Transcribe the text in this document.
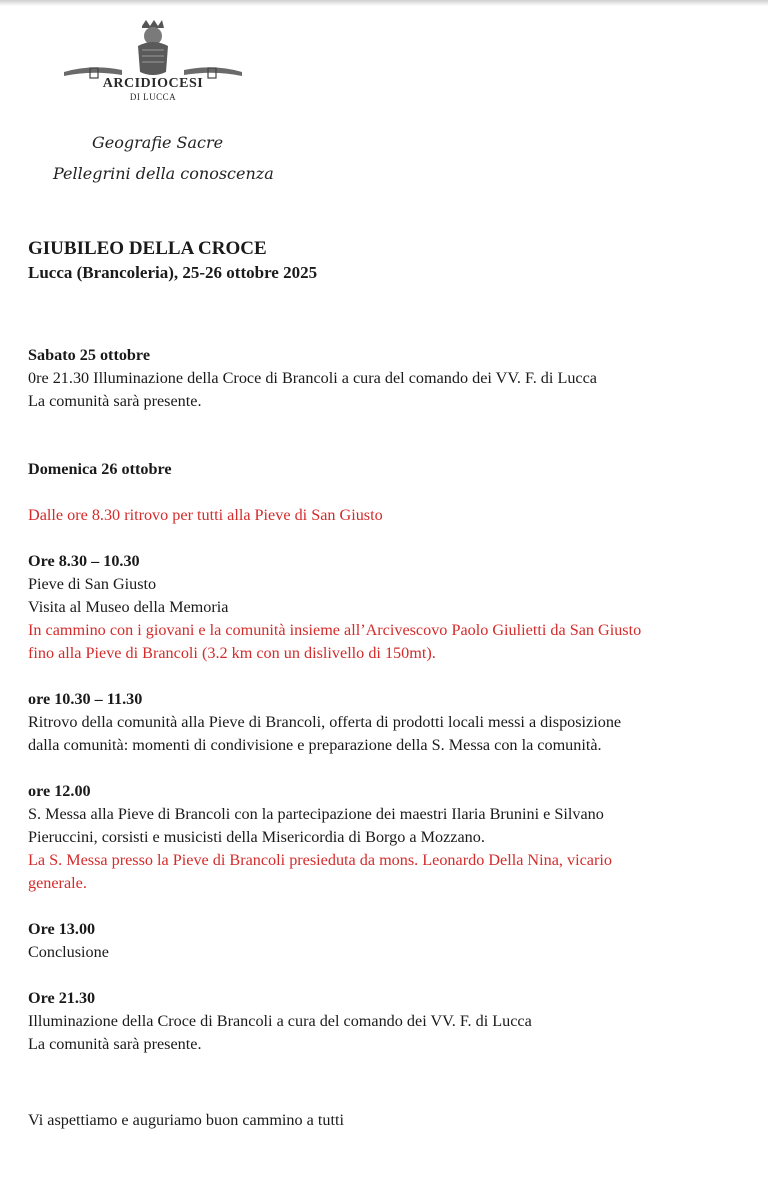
ARCIDIOCESI
DI LUCCA
Geografie Sacre
Pellegrini della conoscenza
GIUBILEO DELLA CROCE
Lucca (Brancoleria), 25-26 ottobre 2025
Sabato 25 ottobre
0re 21.30 Illuminazione della Croce di Brancoli a cura del comando dei VV. F. di Lucca
La comunità sarà presente.
Domenica 26 ottobre
Dalle ore 8.30 ritrovo per tutti alla Pieve di San Giusto
Ore 8.30 – 10.30
Pieve di San Giusto
Visita al Museo della Memoria
In cammino con i giovani e la comunità insieme all’Arcivescovo Paolo Giulietti da San Giusto
fino alla Pieve di Brancoli (3.2 km con un dislivello di 150mt).
ore 10.30 – 11.30
Ritrovo della comunità alla Pieve di Brancoli, offerta di prodotti locali messi a disposizione
dalla comunità: momenti di condivisione e preparazione della S. Messa con la comunità.
ore 12.00
S. Messa alla Pieve di Brancoli con la partecipazione dei maestri Ilaria Brunini e Silvano
Pieruccini, corsisti e musicisti della Misericordia di Borgo a Mozzano.
La S. Messa presso la Pieve di Brancoli presieduta da mons. Leonardo Della Nina, vicario
generale.
Ore 13.00
Conclusione
Ore 21.30
Illuminazione della Croce di Brancoli a cura del comando dei VV. F. di Lucca
La comunità sarà presente.
Vi aspettiamo e auguriamo buon cammino a tutti
